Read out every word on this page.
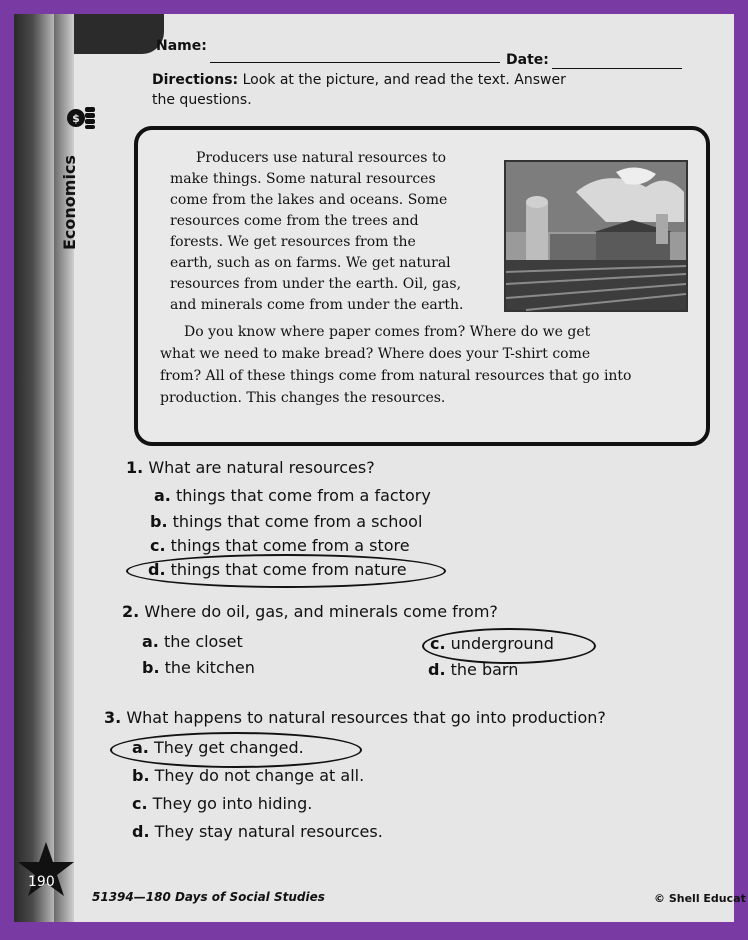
$
Economics
Name:
Date:
Directions: Look at the picture, and read the text. Answer
the questions.
Producers use natural resources to
make things. Some natural resources
come from the lakes and oceans. Some
resources come from the trees and
forests. We get resources from the
earth, such as on farms. We get natural
resources from under the earth. Oil, gas,
and minerals come from under the earth.
Do you know where paper comes from? Where do we get
what we need to make bread? Where does your T-shirt come
from? All of these things come from natural resources that go into
production. This changes the resources.
1. What are natural resources?
a. things that come from a factory
b. things that come from a school
c. things that come from a store
d. things that come from nature
2. Where do oil, gas, and minerals come from?
a. the closet
b. the kitchen
c. underground
d. the barn
3. What happens to natural resources that go into production?
a. They get changed.
b. They do not change at all.
c. They go into hiding.
d. They stay natural resources.
190
51394—180 Days of Social Studies	© Shell Educat
